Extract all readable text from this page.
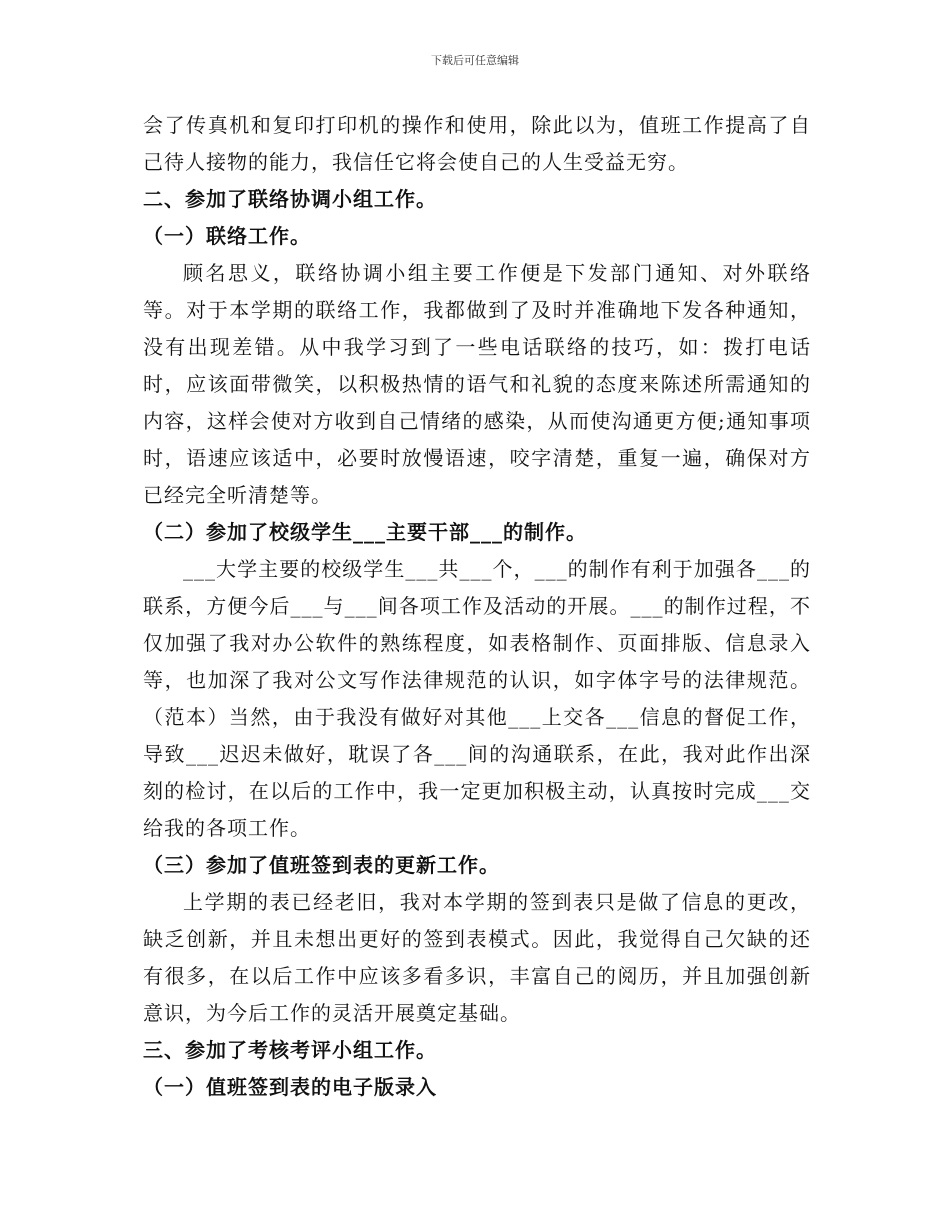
下载后可任意编辑

会了传真机和复印打印机的操作和使用，除此以为，值班工作提高了自己待人接物的能力，我信任它将会使自己的人生受益无穷。

二、参加了联络协调小组工作。

（一）联络工作。

顾名思义，联络协调小组主要工作便是下发部门通知、对外联络等。对于本学期的联络工作，我都做到了及时并准确地下发各种通知，没有出现差错。从中我学习到了一些电话联络的技巧，如：拨打电话时，应该面带微笑，以积极热情的语气和礼貌的态度来陈述所需通知的内容，这样会使对方收到自己情绪的感染，从而使沟通更方便;通知事项时，语速应该适中，必要时放慢语速，咬字清楚，重复一遍，确保对方已经完全听清楚等。

（二）参加了校级学生___主要干部___的制作。

___大学主要的校级学生___共___个，___的制作有利于加强各___的联系，方便今后___与___间各项工作及活动的开展。___的制作过程，不仅加强了我对办公软件的熟练程度，如表格制作、页面排版、信息录入等，也加深了我对公文写作法律规范的认识，如字体字号的法律规范。（范本）当然，由于我没有做好对其他___上交各___信息的督促工作，导致___迟迟未做好，耽误了各___间的沟通联系，在此，我对此作出深刻的检讨，在以后的工作中，我一定更加积极主动，认真按时完成___交给我的各项工作。

（三）参加了值班签到表的更新工作。

上学期的表已经老旧，我对本学期的签到表只是做了信息的更改，缺乏创新，并且未想出更好的签到表模式。因此，我觉得自己欠缺的还有很多，在以后工作中应该多看多识，丰富自己的阅历，并且加强创新意识，为今后工作的灵活开展奠定基础。

三、参加了考核考评小组工作。

（一）值班签到表的电子版录入
